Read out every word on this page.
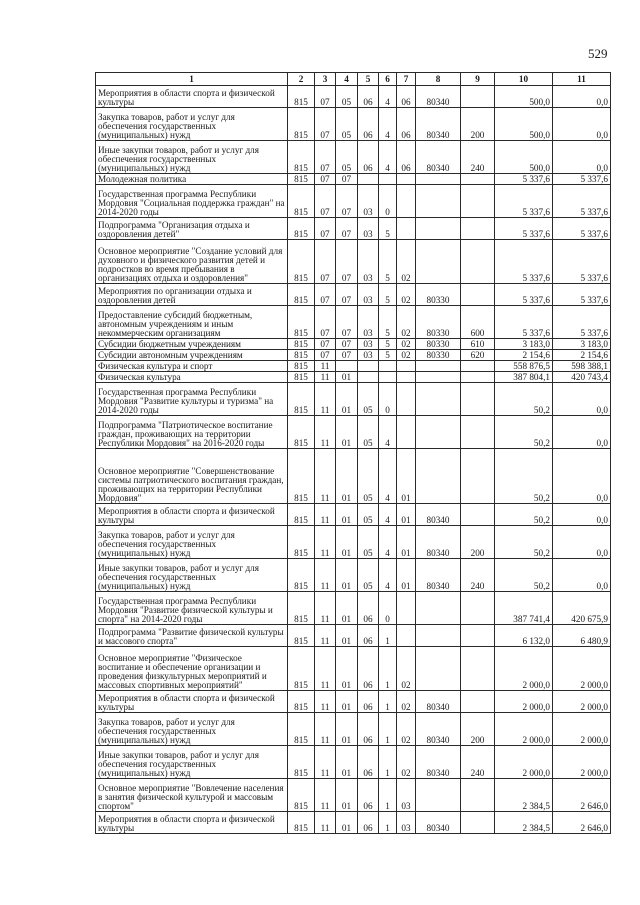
529
1	2	3	4	5	6	7	8	9	10	11
Мероприятия в области спорта и физической культуры	815	07	05	06	4	06	80340		500,0	0,0
Закупка товаров, работ и услуг для обеспечения государственных (муниципальных) нужд	815	07	05	06	4	06	80340	200	500,0	0,0
Иные закупки товаров, работ и услуг для обеспечения государственных (муниципальных) нужд	815	07	05	06	4	06	80340	240	500,0	0,0
Молодежная политика	815	07	07						5 337,6	5 337,6
Государственная программа Республики Мордовия "Социальная поддержка граждан" на 2014-2020 годы	815	07	07	03	0				5 337,6	5 337,6
Подпрограмма "Организация отдыха и оздоровления детей"	815	07	07	03	5				5 337,6	5 337,6
Основное мероприятие "Создание условий для духовного и физического развития детей и подростков во время пребывания в организациях отдыха и оздоровления"	815	07	07	03	5	02			5 337,6	5 337,6
Мероприятия по организации отдыха и оздоровления детей	815	07	07	03	5	02	80330		5 337,6	5 337,6
Предоставление субсидий бюджетным, автономным учреждениям и иным некоммерческим организациям	815	07	07	03	5	02	80330	600	5 337,6	5 337,6
Субсидии бюджетным учреждениям	815	07	07	03	5	02	80330	610	3 183,0	3 183,0
Субсидии автономным учреждениям	815	07	07	03	5	02	80330	620	2 154,6	2 154,6
Физическая культура и спорт	815	11							558 876,5	598 388,1
Физическая культура	815	11	01						387 804,1	420 743,4
Государственная программа Республики Мордовия "Развитие культуры и туризма" на 2014-2020 годы	815	11	01	05	0				50,2	0,0
Подпрограмма "Патриотическое воспитание граждан, проживающих на территории Республики Мордовия" на 2016-2020 годы	815	11	01	05	4				50,2	0,0
Основное мероприятие "Совершенствование системы патриотического воспитания граждан, проживающих на территории Республики Мордовия"	815	11	01	05	4	01			50,2	0,0
Мероприятия в области спорта и физической культуры	815	11	01	05	4	01	80340		50,2	0,0
Закупка товаров, работ и услуг для обеспечения государственных (муниципальных) нужд	815	11	01	05	4	01	80340	200	50,2	0,0
Иные закупки товаров, работ и услуг для обеспечения государственных (муниципальных) нужд	815	11	01	05	4	01	80340	240	50,2	0,0
Государственная программа Республики Мордовия "Развитие физической культуры и спорта" на 2014-2020 годы	815	11	01	06	0				387 741,4	420 675,9
Подпрограмма "Развитие физической культуры и массового спорта"	815	11	01	06	1				6 132,0	6 480,9
Основное мероприятие "Физическое воспитание и обеспечение организации и проведения физкультурных мероприятий и массовых спортивных мероприятий"	815	11	01	06	1	02			2 000,0	2 000,0
Мероприятия в области спорта и физической культуры	815	11	01	06	1	02	80340		2 000,0	2 000,0
Закупка товаров, работ и услуг для обеспечения государственных (муниципальных) нужд	815	11	01	06	1	02	80340	200	2 000,0	2 000,0
Иные закупки товаров, работ и услуг для обеспечения государственных (муниципальных) нужд	815	11	01	06	1	02	80340	240	2 000,0	2 000,0
Основное мероприятие "Вовлечение населения в занятия физической культурой и массовым спортом"	815	11	01	06	1	03			2 384,5	2 646,0
Мероприятия в области спорта и физической культуры	815	11	01	06	1	03	80340		2 384,5	2 646,0
